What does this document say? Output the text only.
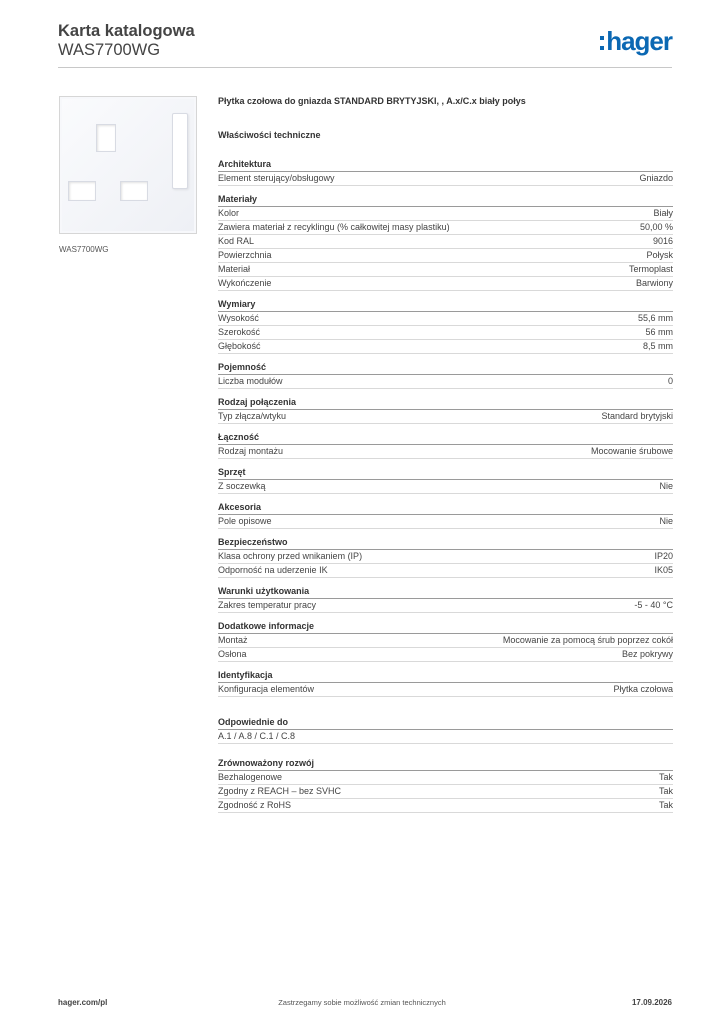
Karta katalogowa
WAS7700WG	hager
WAS7700WG
Płytka czołowa do gniazda STANDARD BRYTYJSKI, , A.x/C.x biały połys
Właściwości techniczne
Architektura
Element sterujący/obsługowy	Gniazdo
Materiały
Kolor	Biały
Zawiera materiał z recyklingu (% całkowitej masy plastiku)	50,00 %
Kod RAL	9016
Powierzchnia	Połysk
Materiał	Termoplast
Wykończenie	Barwiony
Wymiary
Wysokość	55,6 mm
Szerokość	56 mm
Głębokość	8,5 mm
Pojemność
Liczba modułów	0
Rodzaj połączenia
Typ złącza/wtyku	Standard brytyjski
Łączność
Rodzaj montażu	Mocowanie śrubowe
Sprzęt
Z soczewką	Nie
Akcesoria
Pole opisowe	Nie
Bezpieczeństwo
Klasa ochrony przed wnikaniem (IP)	IP20
Odporność na uderzenie IK	IK05
Warunki użytkowania
Zakres temperatur pracy	-5 - 40 °C
Dodatkowe informacje
Montaż	Mocowanie za pomocą śrub poprzez cokół
Osłona	Bez pokrywy
Identyfikacja
Konfiguracja elementów	Płytka czołowa
Odpowiednie do
A.1 / A.8 / C.1 / C.8
Zrównoważony rozwój
Bezhalogenowe	Tak
Zgodny z REACH – bez SVHC	Tak
Zgodność z RoHS	Tak
hager.com/pl	Zastrzegamy sobie możliwość zmian technicznych	17.09.2026
